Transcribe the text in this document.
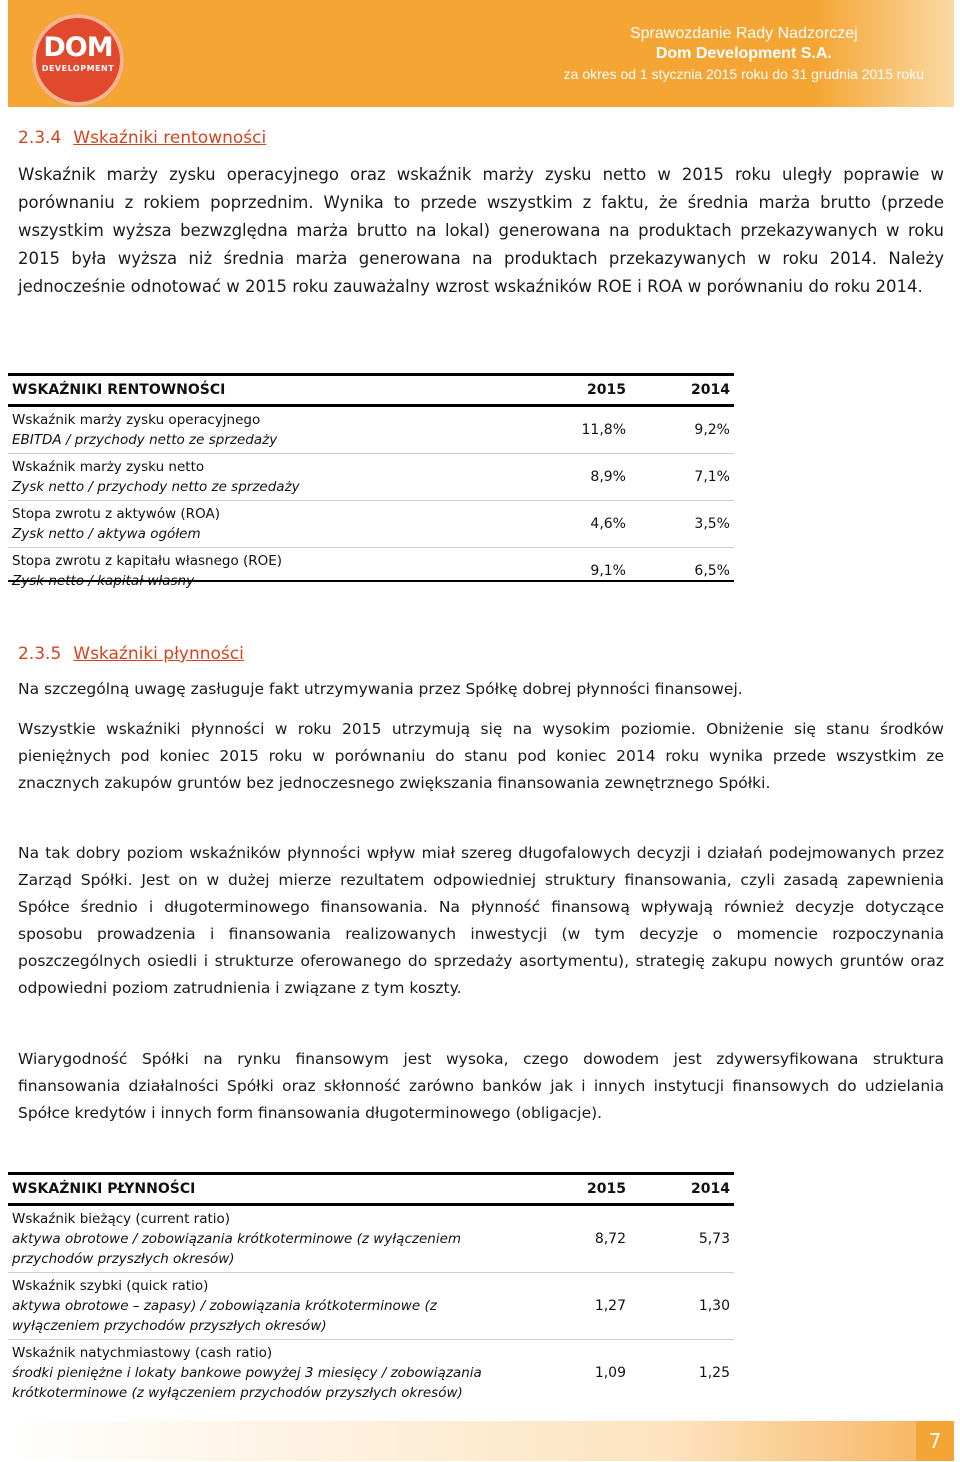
DOM
DEVELOPMENT
Sprawozdanie Rady Nadzorczej
Dom Development S.A.
za okres od 1 stycznia 2015 roku do 31 grudnia 2015 roku
2.3.4 Wskaźniki rentowności
Wskaźnik marży zysku operacyjnego oraz wskaźnik marży zysku netto w 2015 roku uległy poprawie w porównaniu z rokiem poprzednim. Wynika to przede wszystkim z faktu, że średnia marża brutto (przede wszystkim wyższa bezwzględna marża brutto na lokal) generowana na produktach przekazywanych w roku 2015 była wyższa niż średnia marża generowana na produktach przekazywanych w roku 2014. Należy jednocześnie odnotować w 2015 roku zauważalny wzrost wskaźników ROE i ROA w porównaniu do roku 2014.
WSKAŹNIKI RENTOWNOŚCI	2015	2014

Wskaźnik marży zysku operacyjnego
EBITDA / przychody netto ze sprzedaży	11,8%	9,2%

Wskaźnik marży zysku netto
Zysk netto / przychody netto ze sprzedaży	8,9%	7,1%

Stopa zwrotu z aktywów (ROA)
Zysk netto / aktywa ogółem	4,6%	3,5%

Stopa zwrotu z kapitału własnego (ROE)
Zysk netto / kapitał własny	9,1%	6,5%
2.3.5 Wskaźniki płynności
Na szczególną uwagę zasługuje fakt utrzymywania przez Spółkę dobrej płynności finansowej.
Wszystkie wskaźniki płynności w roku 2015 utrzymują się na wysokim poziomie. Obniżenie się stanu środków pieniężnych pod koniec 2015 roku w porównaniu do stanu pod koniec 2014 roku wynika przede wszystkim ze znacznych zakupów gruntów bez jednoczesnego zwiększania finansowania zewnętrznego Spółki.
Na tak dobry poziom wskaźników płynności wpływ miał szereg długofalowych decyzji i działań podejmowanych przez Zarząd Spółki. Jest on w dużej mierze rezultatem odpowiedniej struktury finansowania, czyli zasadą zapewnienia Spółce średnio i długoterminowego finansowania. Na płynność finansową wpływają również decyzje dotyczące sposobu prowadzenia i finansowania realizowanych inwestycji (w tym decyzje o momencie rozpoczynania poszczególnych osiedli i strukturze oferowanego do sprzedaży asortymentu), strategię zakupu nowych gruntów oraz odpowiedni poziom zatrudnienia i związane z tym koszty.
Wiarygodność Spółki na rynku finansowym jest wysoka, czego dowodem jest zdywersyfikowana struktura finansowania działalności Spółki oraz skłonność zarówno banków jak i innych instytucji finansowych do udzielania Spółce kredytów i innych form finansowania długoterminowego (obligacje).
WSKAŹNIKI PŁYNNOŚCI	2015	2014

Wskaźnik bieżący (current ratio)
aktywa obrotowe / zobowiązania krótkoterminowe (z wyłączeniem przychodów przyszłych okresów)	8,72	5,73

Wskaźnik szybki (quick ratio)
aktywa obrotowe – zapasy) / zobowiązania krótkoterminowe (z wyłączeniem przychodów przyszłych okresów)	1,27	1,30

Wskaźnik natychmiastowy (cash ratio)
środki pieniężne i lokaty bankowe powyżej 3 miesięcy / zobowiązania krótkoterminowe (z wyłączeniem przychodów przyszłych okresów)	1,09	1,25
7
